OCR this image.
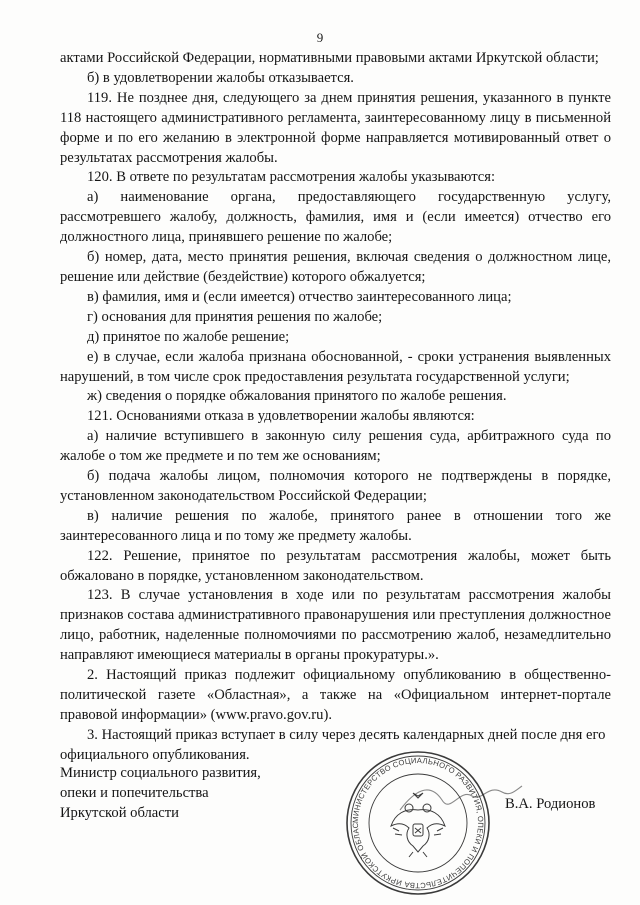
9

актами Российской Федерации, нормативными правовыми актами Иркутской области;

б) в удовлетворении жалобы отказывается.

119. Не позднее дня, следующего за днем принятия решения, указанного в пункте 118 настоящего административного регламента, заинтересованному лицу в письменной форме и по его желанию в электронной форме направляется мотивированный ответ о результатах рассмотрения жалобы.

120. В ответе по результатам рассмотрения жалобы указываются:

а) наименование органа, предоставляющего государственную услугу, рассмотревшего жалобу, должность, фамилия, имя и (если имеется) отчество его должностного лица, принявшего решение по жалобе;

б) номер, дата, место принятия решения, включая сведения о должностном лице, решение или действие (бездействие) которого обжалуется;

в) фамилия, имя и (если имеется) отчество заинтересованного лица;

г) основания для принятия решения по жалобе;

д) принятое по жалобе решение;

е) в случае, если жалоба признана обоснованной, - сроки устранения выявленных нарушений, в том числе срок предоставления результата государственной услуги;

ж) сведения о порядке обжалования принятого по жалобе решения.

121. Основаниями отказа в удовлетворении жалобы являются:

а) наличие вступившего в законную силу решения суда, арбитражного суда по жалобе о том же предмете и по тем же основаниям;

б) подача жалобы лицом, полномочия которого не подтверждены в порядке, установленном законодательством Российской Федерации;

в) наличие решения по жалобе, принятого ранее в отношении того же заинтересованного лица и по тому же предмету жалобы.

122. Решение, принятое по результатам рассмотрения жалобы, может быть обжаловано в порядке, установленном законодательством.

123. В случае установления в ходе или по результатам рассмотрения жалобы признаков состава административного правонарушения или преступления должностное лицо, работник, наделенные полномочиями по рассмотрению жалоб, незамедлительно направляют имеющиеся материалы в органы прокуратуры.».

2. Настоящий приказ подлежит официальному опубликованию в общественно-политической газете «Областная», а также на «Официальном интернет-портале правовой информации» (www.pravo.gov.ru).

3. Настоящий приказ вступает в силу через десять календарных дней после дня его официального опубликования.

Министр социального развития,
опеки и попечительства
Иркутской области	МИНИСТЕРСТВО СОЦИАЛЬНОГО РАЗВИТИЯ, ОПЕКИ И ПОПЕЧИТЕЛЬСТВА ИРКУТСКОЙ ОБЛАС
В.А. Родионов
